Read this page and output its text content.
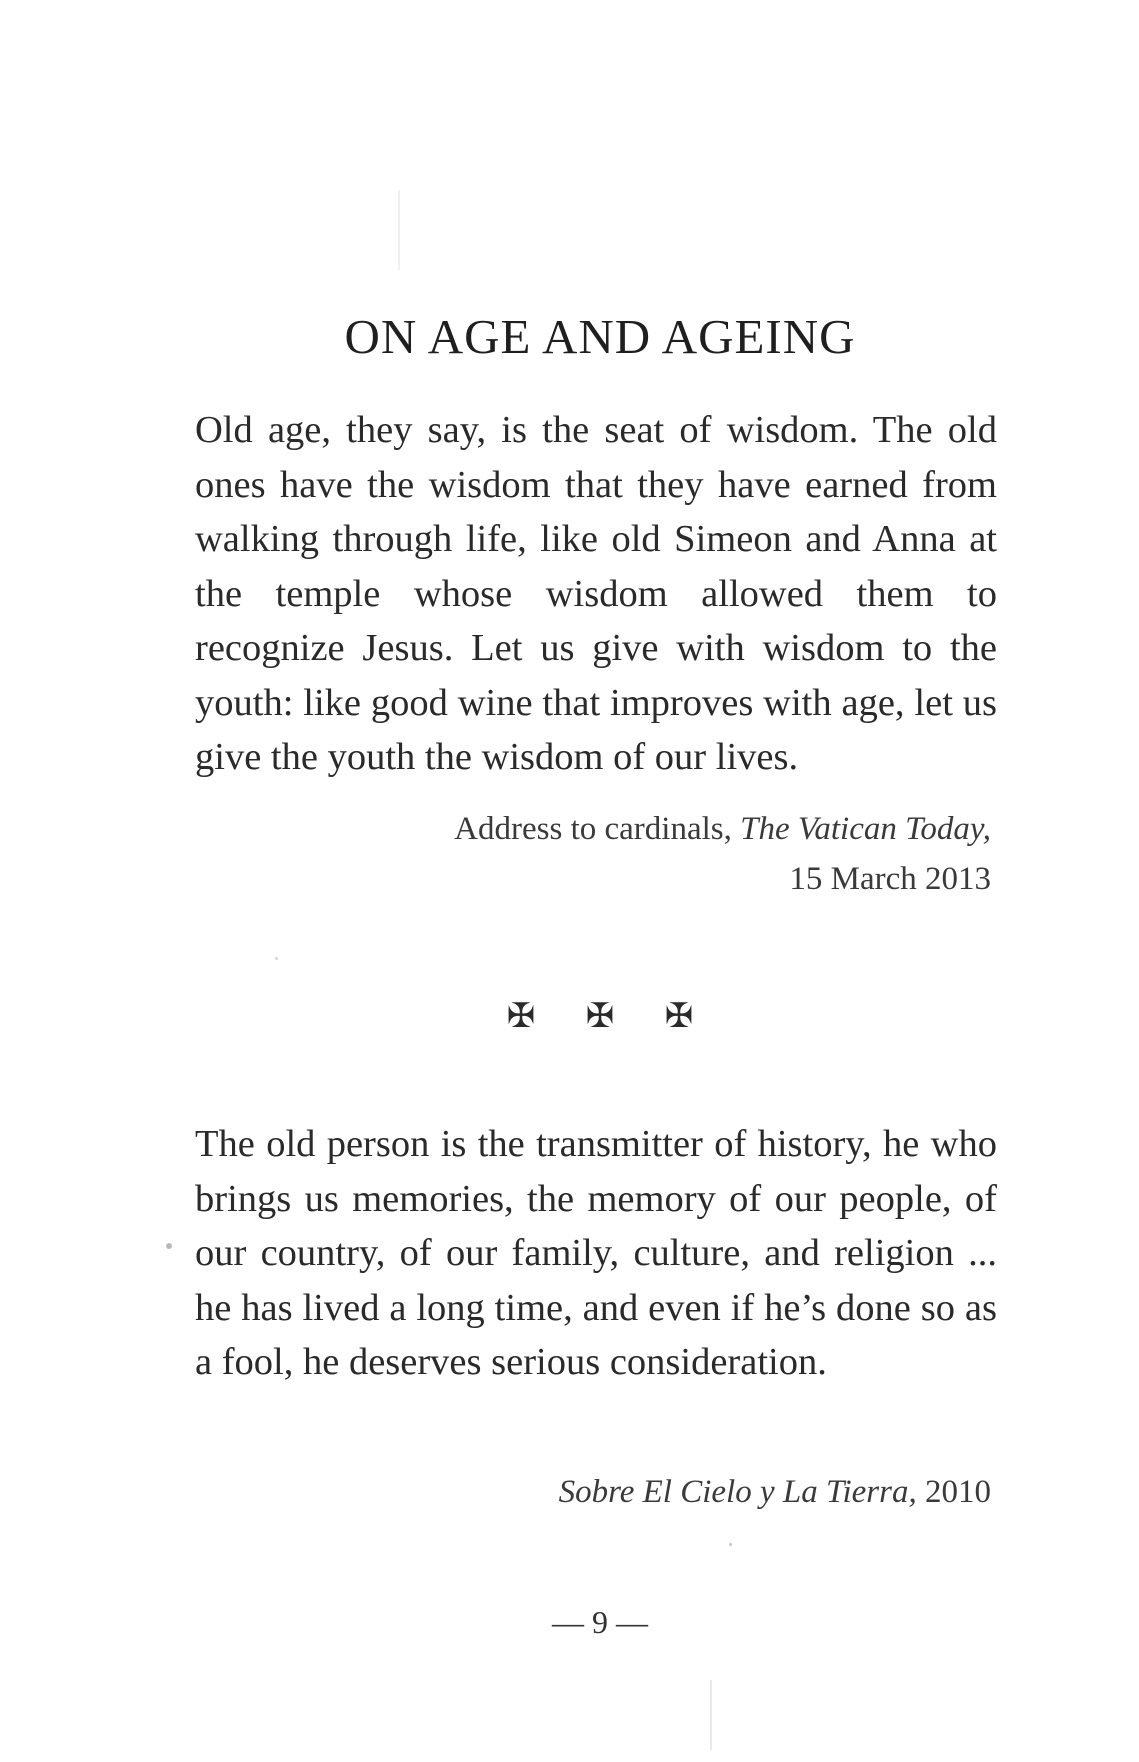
ON AGE AND AGEING

Old age, they say, is the seat of wisdom. The old ones have the wisdom that they have earned from walking through life, like old Simeon and Anna at the temple whose wisdom allowed them to recognize Jesus. Let us give with wisdom to the youth: like good wine that improves with age, let us give the youth the wisdom of our lives.

Address to cardinals, The Vatican Today,
15 March 2013
✠ ✠ ✠

The old person is the transmitter of history, he who brings us memories, the memory of our people, of our country, of our family, culture, and religion ... he has lived a long time, and even if he’s done so as a fool, he deserves serious consideration.

Sobre El Cielo y La Tierra, 2010
— 9 —
